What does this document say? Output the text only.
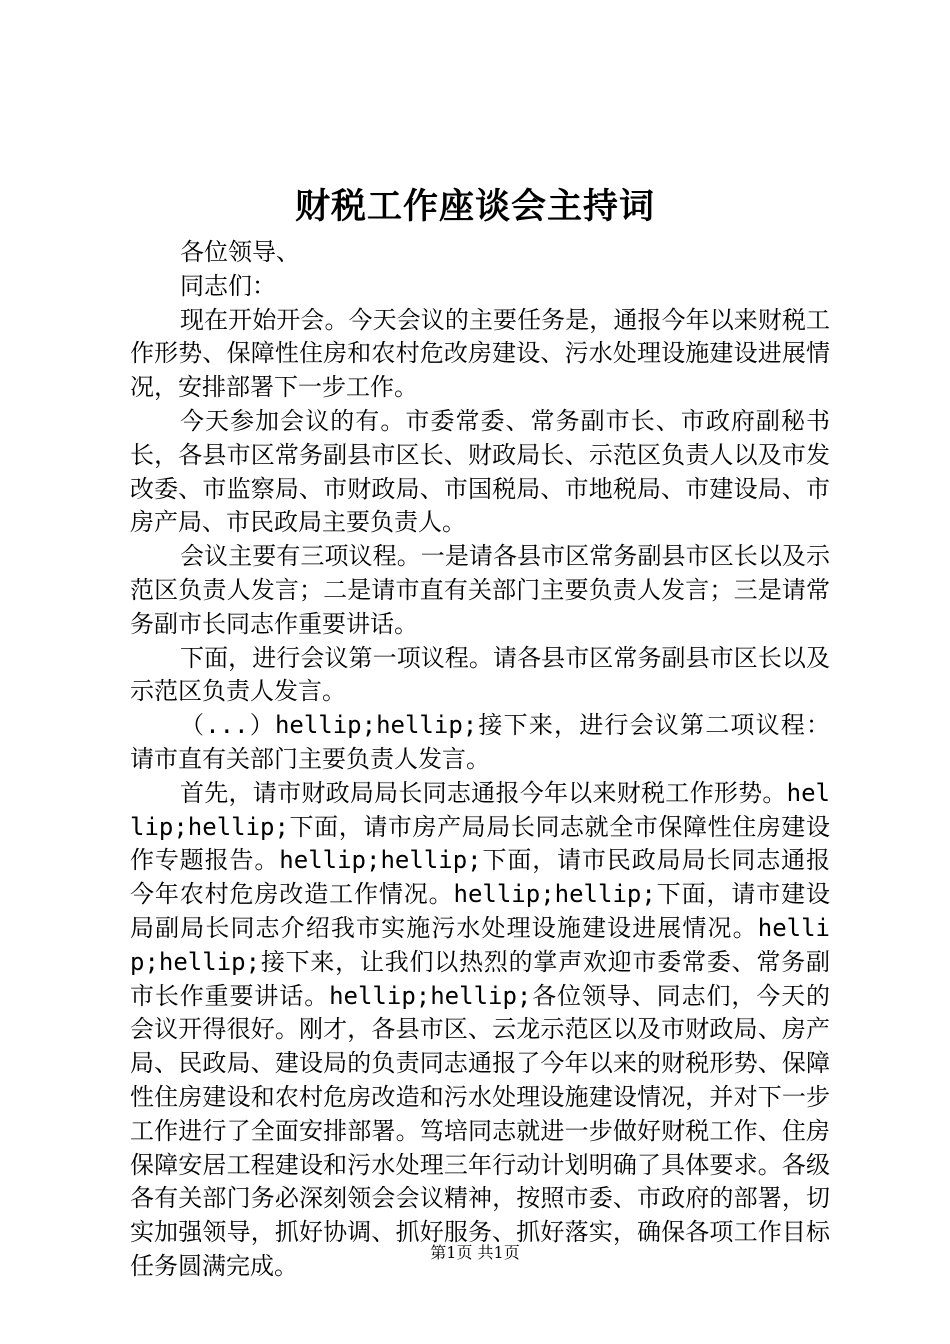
财税工作座谈会主持词

各位领导、

同志们：

现在开始开会。今天会议的主要任务是，通报今年以来财税工作形势、保障性住房和农村危改房建设、污水处理设施建设进展情况，安排部署下一步工作。

今天参加会议的有。市委常委、常务副市长、市政府副秘书长，各县市区常务副县市区长、财政局长、示范区负责人以及市发改委、市监察局、市财政局、市国税局、市地税局、市建设局、市房产局、市民政局主要负责人。

会议主要有三项议程。一是请各县市区常务副县市区长以及示范区负责人发言；二是请市直有关部门主要负责人发言；三是请常务副市长同志作重要讲话。

下面，进行会议第一项议程。请各县市区常务副县市区长以及示范区负责人发言。

（...）hellip;hellip;接下来，进行会议第二项议程：请市直有关部门主要负责人发言。

首先，请市财政局局长同志通报今年以来财税工作形势。hellip;hellip;下面，请市房产局局长同志就全市保障性住房建设作专题报告。hellip;hellip;下面，请市民政局局长同志通报今年农村危房改造工作情况。hellip;hellip;下面，请市建设局副局长同志介绍我市实施污水处理设施建设进展情况。hellip;hellip;接下来，让我们以热烈的掌声欢迎市委常委、常务副市长作重要讲话。hellip;hellip;各位领导、同志们，今天的会议开得很好。刚才，各县市区、云龙示范区以及市财政局、房产局、民政局、建设局的负责同志通报了今年以来的财税形势、保障性住房建设和农村危房改造和污水处理设施建设情况，并对下一步工作进行了全面安排部署。笃培同志就进一步做好财税工作、住房保障安居工程建设和污水处理三年行动计划明确了具体要求。各级各有关部门务必深刻领会会议精神，按照市委、市政府的部署，切实加强领导，抓好协调、抓好服务、抓好落实，确保各项工作目标任务圆满完成。	第1页 共1页
